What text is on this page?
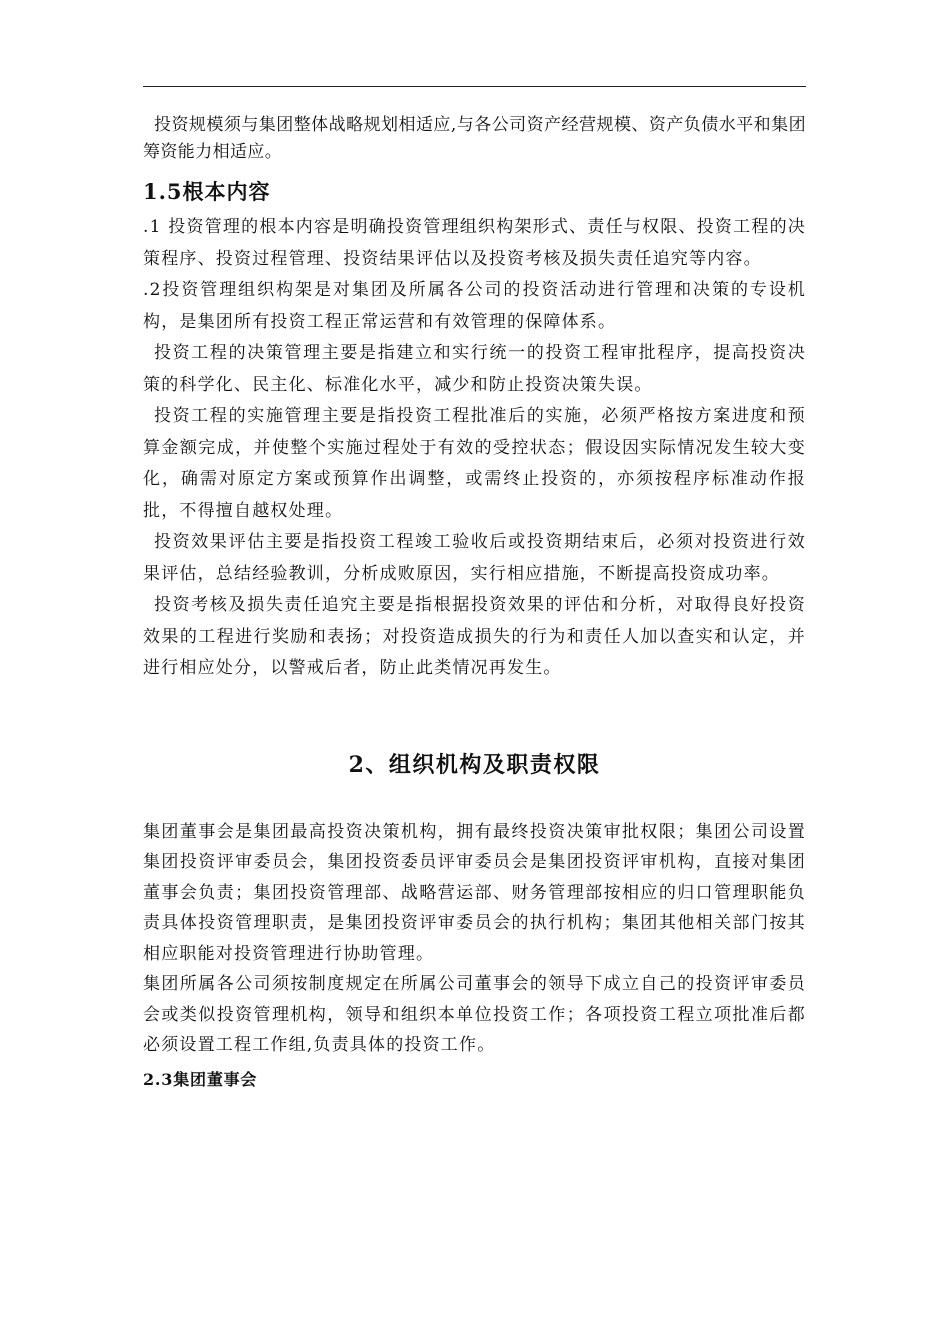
投资规模须与集团整体战略规划相适应,与各公司资产经营规模、资产负债水平和集团筹资能力相适应。

1.5根本内容

.1 投资管理的根本内容是明确投资管理组织构架形式、责任与权限、投资工程的决策程序、投资过程管理、投资结果评估以及投资考核及损失责任追究等内容。

.2投资管理组织构架是对集团及所属各公司的投资活动进行管理和决策的专设机构，是集团所有投资工程正常运营和有效管理的保障体系。

投资工程的决策管理主要是指建立和实行统一的投资工程审批程序，提高投资决策的科学化、民主化、标准化水平，减少和防止投资决策失误。

投资工程的实施管理主要是指投资工程批准后的实施，必须严格按方案进度和预算金额完成，并使整个实施过程处于有效的受控状态；假设因实际情况发生较大变化，确需对原定方案或预算作出调整，或需终止投资的，亦须按程序标准动作报批，不得擅自越权处理。

投资效果评估主要是指投资工程竣工验收后或投资期结束后，必须对投资进行效果评估，总结经验教训，分析成败原因，实行相应措施，不断提高投资成功率。

投资考核及损失责任追究主要是指根据投资效果的评估和分析，对取得良好投资效果的工程进行奖励和表扬；对投资造成损失的行为和责任人加以查实和认定，并进行相应处分，以警戒后者，防止此类情况再发生。

2、组织机构及职责权限

集团董事会是集团最高投资决策机构，拥有最终投资决策审批权限；集团公司设置集团投资评审委员会，集团投资委员评审委员会是集团投资评审机构，直接对集团董事会负责；集团投资管理部、战略营运部、财务管理部按相应的归口管理职能负责具体投资管理职责，是集团投资评审委员会的执行机构；集团其他相关部门按其相应职能对投资管理进行协助管理。

集团所属各公司须按制度规定在所属公司董事会的领导下成立自己的投资评审委员会或类似投资管理机构，领导和组织本单位投资工作；各项投资工程立项批准后都必须设置工程工作组,负责具体的投资工作。

2.3集团董事会
